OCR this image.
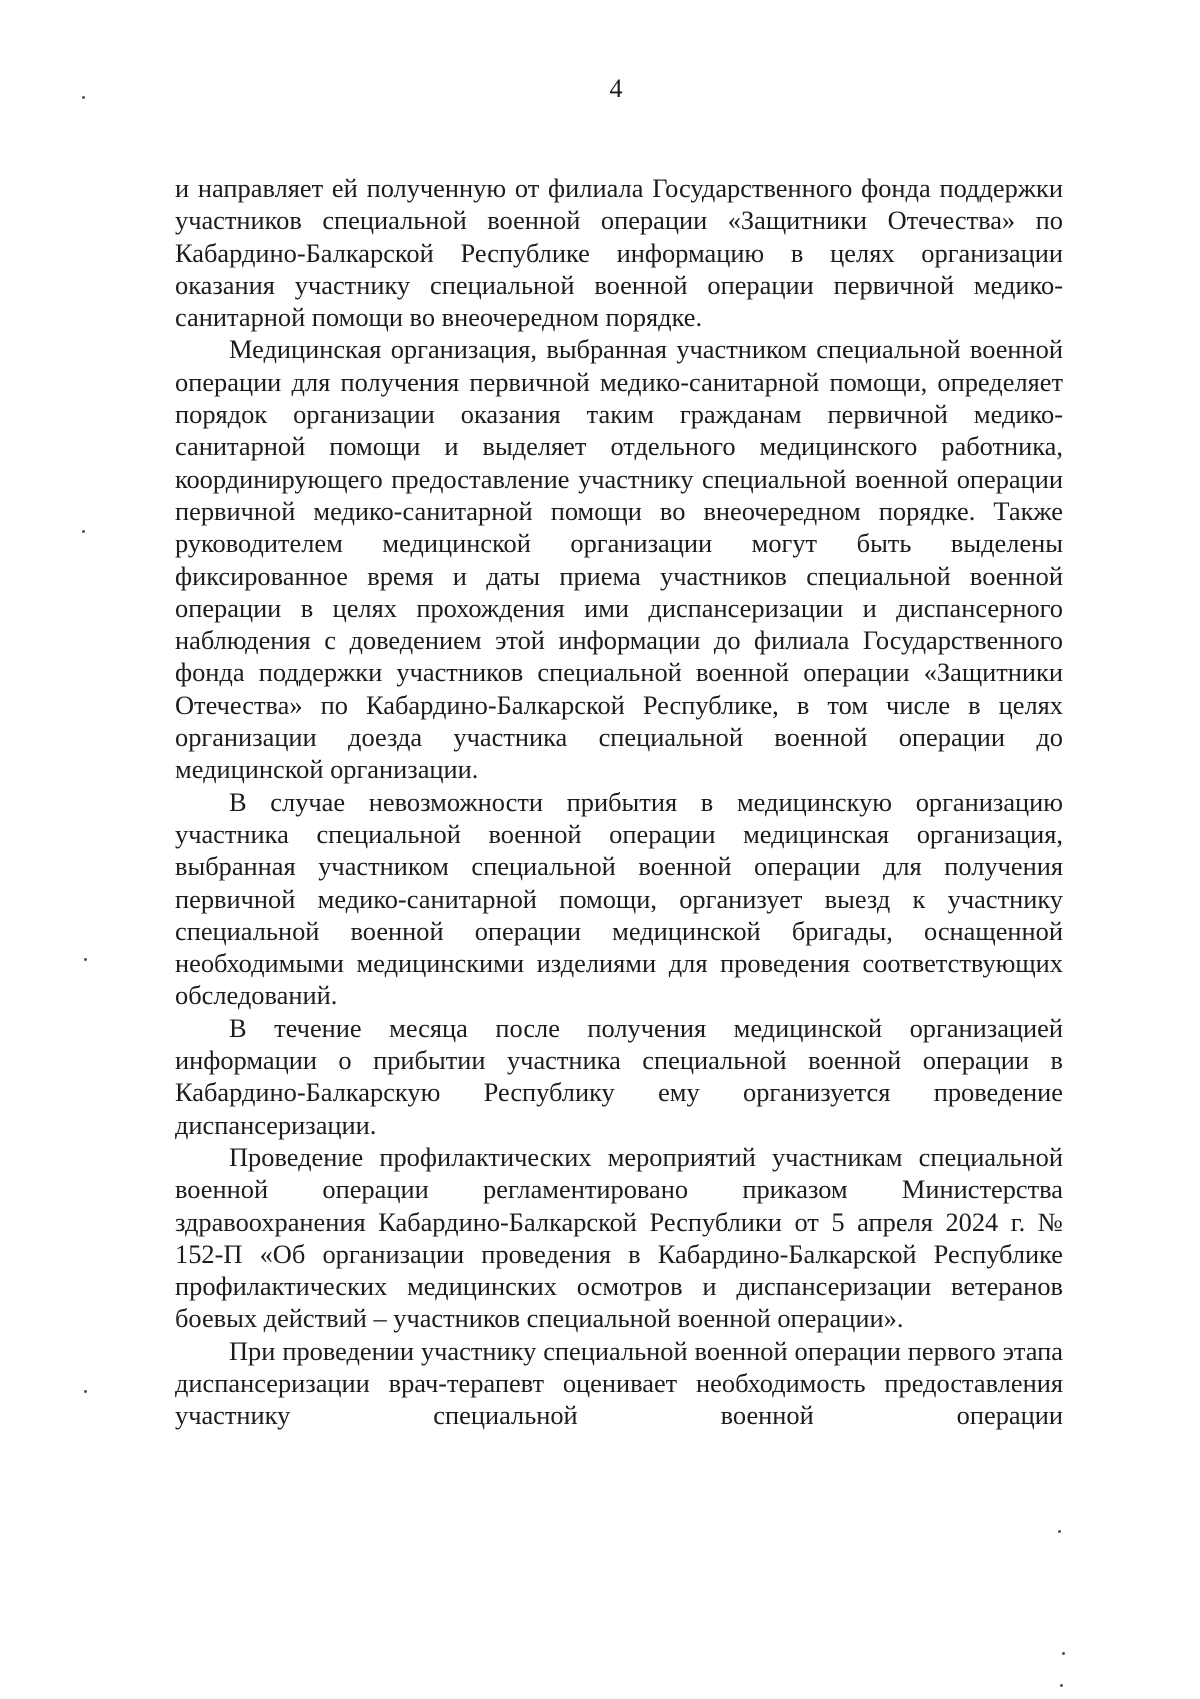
4

и направляет ей полученную от филиала Государственного фонда поддержки участников специальной военной операции «Защитники Отечества» по Кабардино-Балкарской Республике информацию в целях организации оказания участнику специальной военной операции первичной медико-санитарной помощи во внеочередном порядке.

Медицинская организация, выбранная участником специальной военной операции для получения первичной медико-санитарной помощи, определяет порядок организации оказания таким гражданам первичной медико-санитарной помощи и выделяет отдельного медицинского работника, координирующего предоставление участнику специальной военной операции первичной медико-санитарной помощи во внеочередном порядке. Также руководителем медицинской организации могут быть выделены фиксированное время и даты приема участников специальной военной операции в целях прохождения ими диспансеризации и диспансерного наблюдения с доведением этой информации до филиала Государственного фонда поддержки участников специальной военной операции «Защитники Отечества» по Кабардино-Балкарской Республике, в том числе в целях организации доезда участника специальной военной операции до медицинской организации.

В случае невозможности прибытия в медицинскую организацию участника специальной военной операции медицинская организация, выбранная участником специальной военной операции для получения первичной медико-санитарной помощи, организует выезд к участнику специальной военной операции медицинской бригады, оснащенной необходимыми медицинскими изделиями для проведения соответствующих обследований.

В течение месяца после получения медицинской организацией информации о прибытии участника специальной военной операции в Кабардино-Балкарскую Республику ему организуется проведение диспансеризации.

Проведение профилактических мероприятий участникам специальной военной операции регламентировано приказом Министерства здравоохранения Кабардино-Балкарской Республики от 5 апреля 2024 г. № 152-П «Об организации проведения в Кабардино-Балкарской Республике профилактических медицинских осмотров и диспансеризации ветеранов боевых действий – участников специальной военной операции».

При проведении участнику специальной военной операции первого этапа диспансеризации врач-терапевт оценивает необходимость предоставления участнику специальной военной операции
